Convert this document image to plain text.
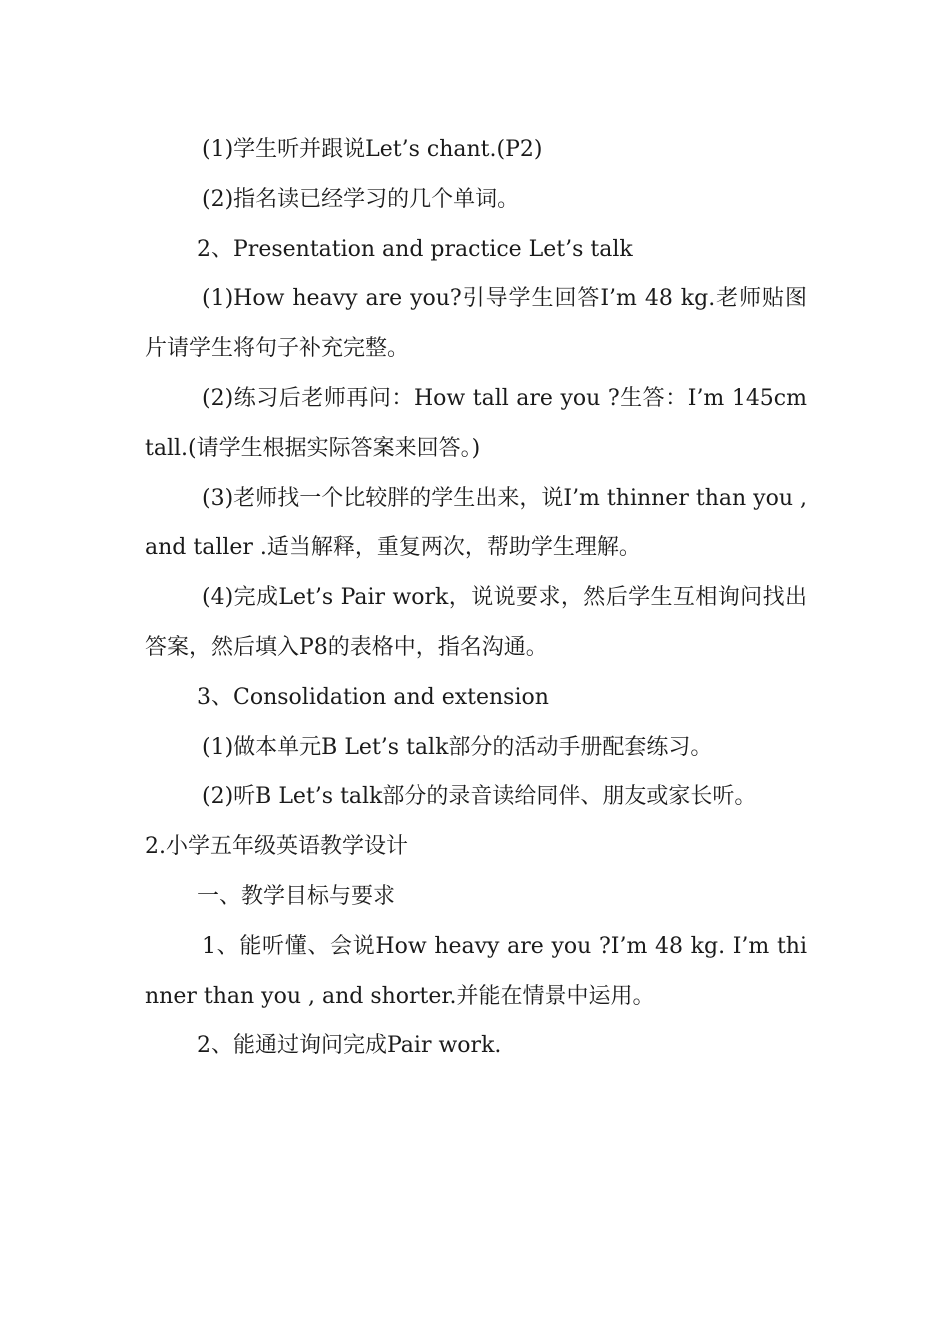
(1)学生听并跟说Let’s chant.(P2)

(2)指名读已经学习的几个单词。

2、Presentation and practice Let’s talk

(1)How heavy are you?引导学生回答I’m 48 kg.老师贴图片请学生将句子补充完整。

(2)练习后老师再问：How tall are you ?生答：I’m 145cm tall.(请学生根据实际答案来回答。)

(3)老师找一个比较胖的学生出来，说I’m thinner than you ,and taller .适当解释，重复两次，帮助学生理解。

(4)完成Let’s Pair work，说说要求，然后学生互相询问找出答案，然后填入P8的表格中，指名沟通。

3、Consolidation and extension

(1)做本单元B Let’s talk部分的活动手册配套练习。

(2)听B Let’s talk部分的录音读给同伴、朋友或家长听。

2.小学五年级英语教学设计

一、教学目标与要求

1、能听懂、会说How heavy are you ?I’m 48 kg. I’m thinner than you , and shorter.并能在情景中运用。

2、能通过询问完成Pair work.
